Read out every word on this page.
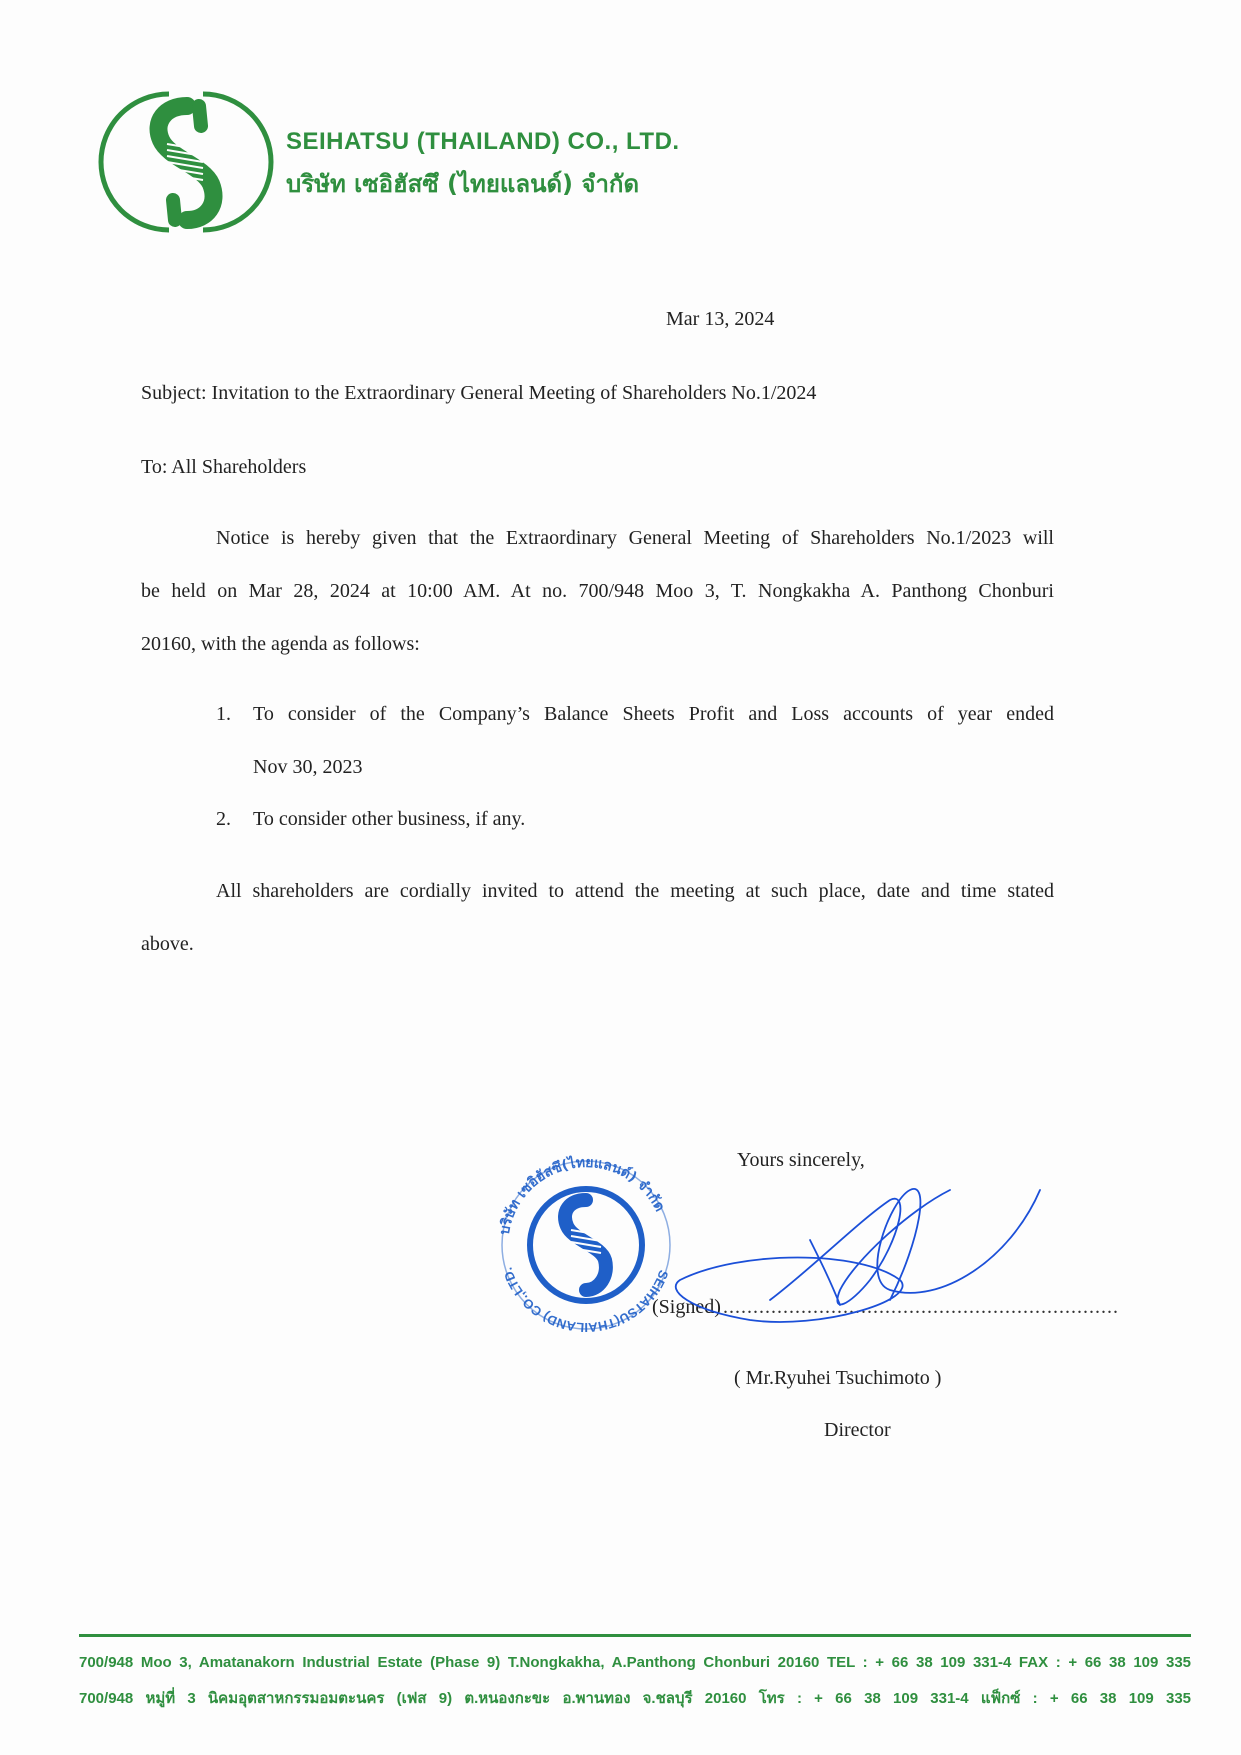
SEIHATSU (THAILAND) CO., LTD.
บริษัท เซอิฮัสซึ (ไทยแลนด์) จำกัด
Mar 13, 2024
Subject: Invitation to the Extraordinary General Meeting of Shareholders No.1/2024
To: All Shareholders
Notice is hereby given that the Extraordinary General Meeting of Shareholders No.1/2023 will
be held on Mar 28, 2024 at 10:00 AM. At no. 700/948 Moo 3, T. Nongkakha A. Panthong Chonburi
20160, with the agenda as follows:
1. To consider of the Company’s Balance Sheets Profit and Loss accounts of year ended
Nov 30, 2023
2. To consider other business, if any.
All shareholders are cordially invited to attend the meeting at such place, date and time stated
above.
Yours sincerely,
บริษัท เซอิฮัสซึ(ไทยแลนด์) จำกัด
SEIHATSU(THAILAND) CO.,LTD.
(Signed) ..................................................................
( Mr.Ryuhei Tsuchimoto )
Director
700/948 Moo 3, Amatanakorn Industrial Estate (Phase 9) T.Nongkakha, A.Panthong Chonburi 20160 TEL : + 66 38 109 331-4 FAX : + 66 38 109 335
700/948 หมู่ที่ 3 นิคมอุตสาหกรรมอมตะนคร (เฟส 9) ต.หนองกะขะ อ.พานทอง จ.ชลบุรี 20160 โทร : + 66 38 109 331-4 แฟ็กซ์ : + 66 38 109 335
